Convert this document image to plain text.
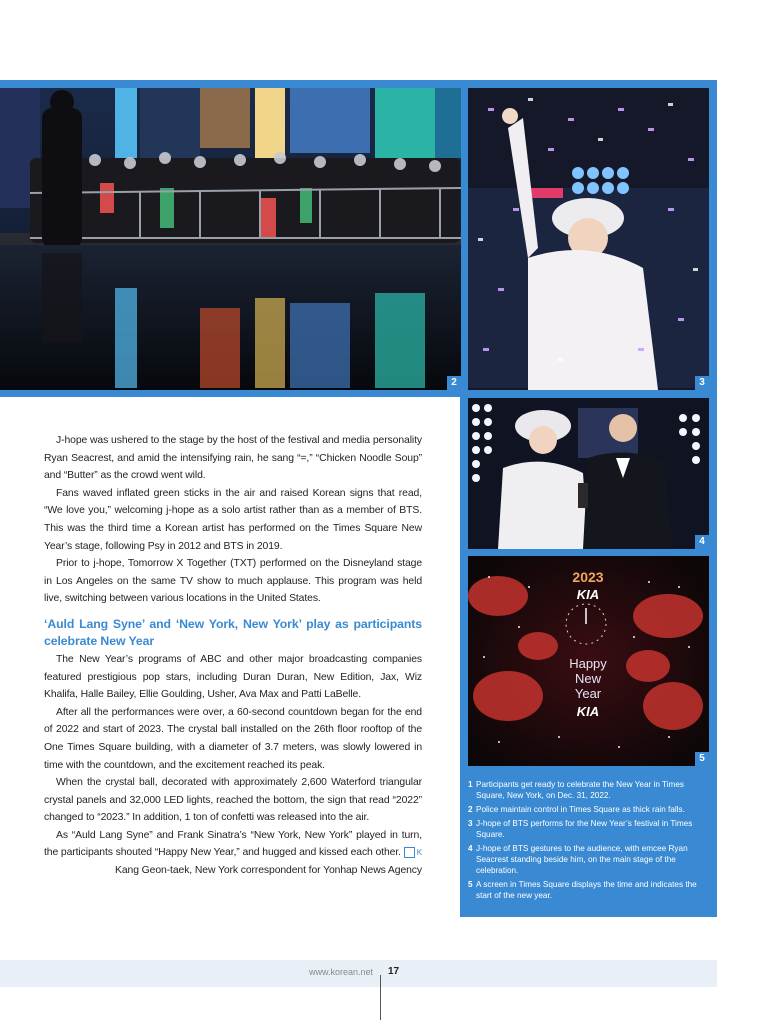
2	3
4
2023
KIA
Happy
New
Year
KIA
5

J-hope was ushered to the stage by the host of the festival and media personality Ryan Seacrest, and amid the intensifying rain, he sang “=,” “Chicken Noodle Soup” and “Butter” as the crowd went wild.

Fans waved inflated green sticks in the air and raised Korean signs that read, “We love you,” welcoming j-hope as a solo artist rather than as a member of BTS. This was the third time a Korean artist has performed on the Times Square New Year’s stage, following Psy in 2012 and BTS in 2019.

Prior to j-hope, Tomorrow X Together (TXT) performed on the Disneyland stage in Los Angeles on the same TV show to much applause. This program was held live, switching between various locations in the United States.

‘Auld Lang Syne’ and ‘New York, New York’ play as participants celebrate New Year

The New Year’s programs of ABC and other major broadcasting companies featured prestigious pop stars, including Duran Duran, New Edition, Jax, Wiz Khalifa, Halle Bailey, Ellie Goulding, Usher, Ava Max and Patti LaBelle.

After all the performances were over, a 60-second countdown began for the end of 2022 and start of 2023. The crystal ball installed on the 26th floor rooftop of the One Times Square building, with a diameter of 3.7 meters, was slowly lowered in time with the countdown, and the excitement reached its peak.

When the crystal ball, decorated with approximately 2,600 Waterford triangular crystal panels and 32,000 LED lights, reached the bottom, the sign that read “2022” changed to “2023.” In addition, 1 ton of confetti was released into the air.

As “Auld Lang Syne” and Frank Sinatra’s “New York, New York” played in turn, the participants shouted “Happy New Year,” and hugged and kissed each other. K

Kang Geon-taek, New York correspondent for Yonhap News Agency

1 Participants get ready to celebrate the New Year in Times Square, New York, on Dec. 31, 2022.
2 Police maintain control in Times Square as thick rain falls.
3 J-hope of BTS performs for the New Year’s festival in Times Square.
4 J-hope of BTS gestures to the audience, with emcee Ryan Seacrest standing beside him, on the main stage of the celebration.
5 A screen in Times Square displays the time and indicates the start of the new year.
www.korean.net 17
